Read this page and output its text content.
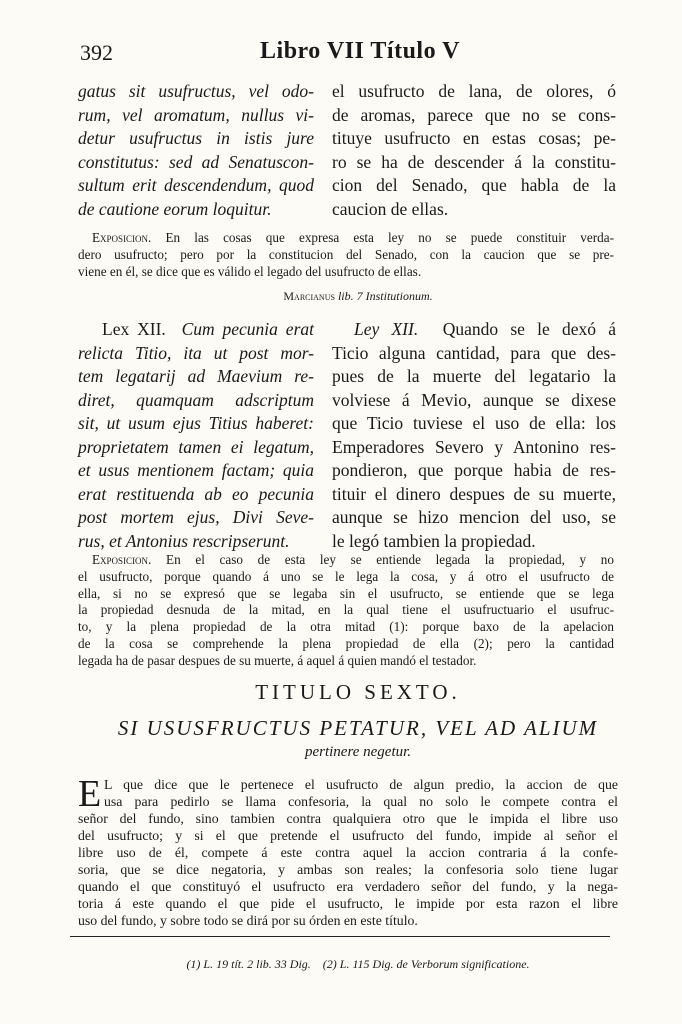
392	Libro VII Título V
gatus sit usufructus, vel odo-
rum, vel aromatum, nullus vi-
detur usufructus in istis jure
constitutus: sed ad Senatuscon-
sultum erit descendendum, quod
de cautione eorum loquitur.
el usufructo de lana, de olores, ó
de aromas, parece que no se cons-
tituye usufructo en estas cosas; pe-
ro se ha de descender á la constitu-
cion del Senado, que habla de la
caucion de ellas.
Exposicion. En las cosas que expresa esta ley no se puede constituir verda-
dero usufructo; pero por la constitucion del Senado, con la caucion que se pre-
viene en él, se dice que es válido el legado del usufructo de ellas.
Marcianus lib. 7 Institutionum.
Lex XII. Cum pecunia erat
relicta Titio, ita ut post mor-
tem legatarij ad Maevium re-
diret, quamquam adscriptum
sit, ut usum ejus Titius haberet:
proprietatem tamen ei legatum,
et usus mentionem factam; quia
erat restituenda ab eo pecunia
post mortem ejus, Divi Seve-
rus, et Antonius rescripserunt.
Ley XII. Quando se le dexó á
Ticio alguna cantidad, para que des-
pues de la muerte del legatario la
volviese á Mevio, aunque se dixese
que Ticio tuviese el uso de ella: los
Emperadores Severo y Antonino res-
pondieron, que porque habia de res-
tituir el dinero despues de su muerte,
aunque se hizo mencion del uso, se
le legó tambien la propiedad.
Exposicion. En el caso de esta ley se entiende legada la propiedad, y no
el usufructo, porque quando á uno se le lega la cosa, y á otro el usufructo de
ella, si no se expresó que se legaba sin el usufructo, se entiende que se lega
la propiedad desnuda de la mitad, en la qual tiene el usufructuario el usufruc-
to, y la plena propiedad de la otra mitad (1): porque baxo de la apelacion
de la cosa se comprehende la plena propiedad de ella (2); pero la cantidad
legada ha de pasar despues de su muerte, á aquel á quien mandó el testador.
TITULO SEXTO.
SI USUSFRUCTUS PETATUR, VEL AD ALIUM
pertinere negetur.
E L que dice que le pertenece el usufructo de algun predio, la accion de que
usa para pedirlo se llama confesoria, la qual no solo le compete contra el
señor del fundo, sino tambien contra qualquiera otro que le impida el libre uso
del usufructo; y si el que pretende el usufructo del fundo, impide al señor el
libre uso de él, compete á este contra aquel la accion contraria á la confe-
soria, que se dice negatoria, y ambas son reales; la confesoria solo tiene lugar
quando el que constituyó el usufructo era verdadero señor del fundo, y la nega-
toria á este quando el que pide el usufructo, le impide por esta razon el libre
uso del fundo, y sobre todo se dirá por su órden en este título.
(1) L. 19 tít. 2 lib. 33 Dig. (2) L. 115 Dig. de Verborum significatione.
